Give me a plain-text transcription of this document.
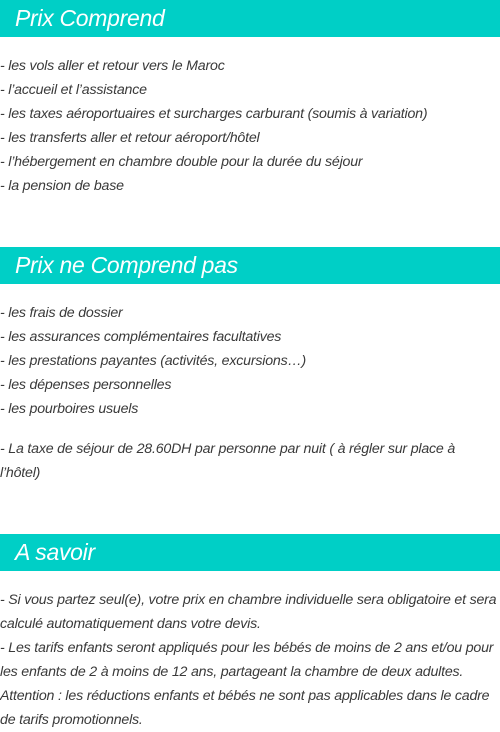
Prix Comprend
- les vols aller et retour vers le Maroc
- l’accueil et l’assistance
- les taxes aéroportuaires et surcharges carburant (soumis à variation)
- les transferts aller et retour aéroport/hôtel
- l’hébergement en chambre double pour la durée du séjour
- la pension de base
Prix ne Comprend pas
- les frais de dossier
- les assurances complémentaires facultatives
- les prestations payantes (activités, excursions…)
- les dépenses personnelles
- les pourboires usuels

- La taxe de séjour de 28.60DH par personne par nuit ( à régler sur place à l’hôtel)

A savoir

- Si vous partez seul(e), votre prix en chambre individuelle sera obligatoire et sera calculé automatiquement dans votre devis.

- Les tarifs enfants seront appliqués pour les bébés de moins de 2 ans et/ou pour les enfants de 2 à moins de 12 ans, partageant la chambre de deux adultes.

Attention : les réductions enfants et bébés ne sont pas applicables dans le cadre de tarifs promotionnels.
